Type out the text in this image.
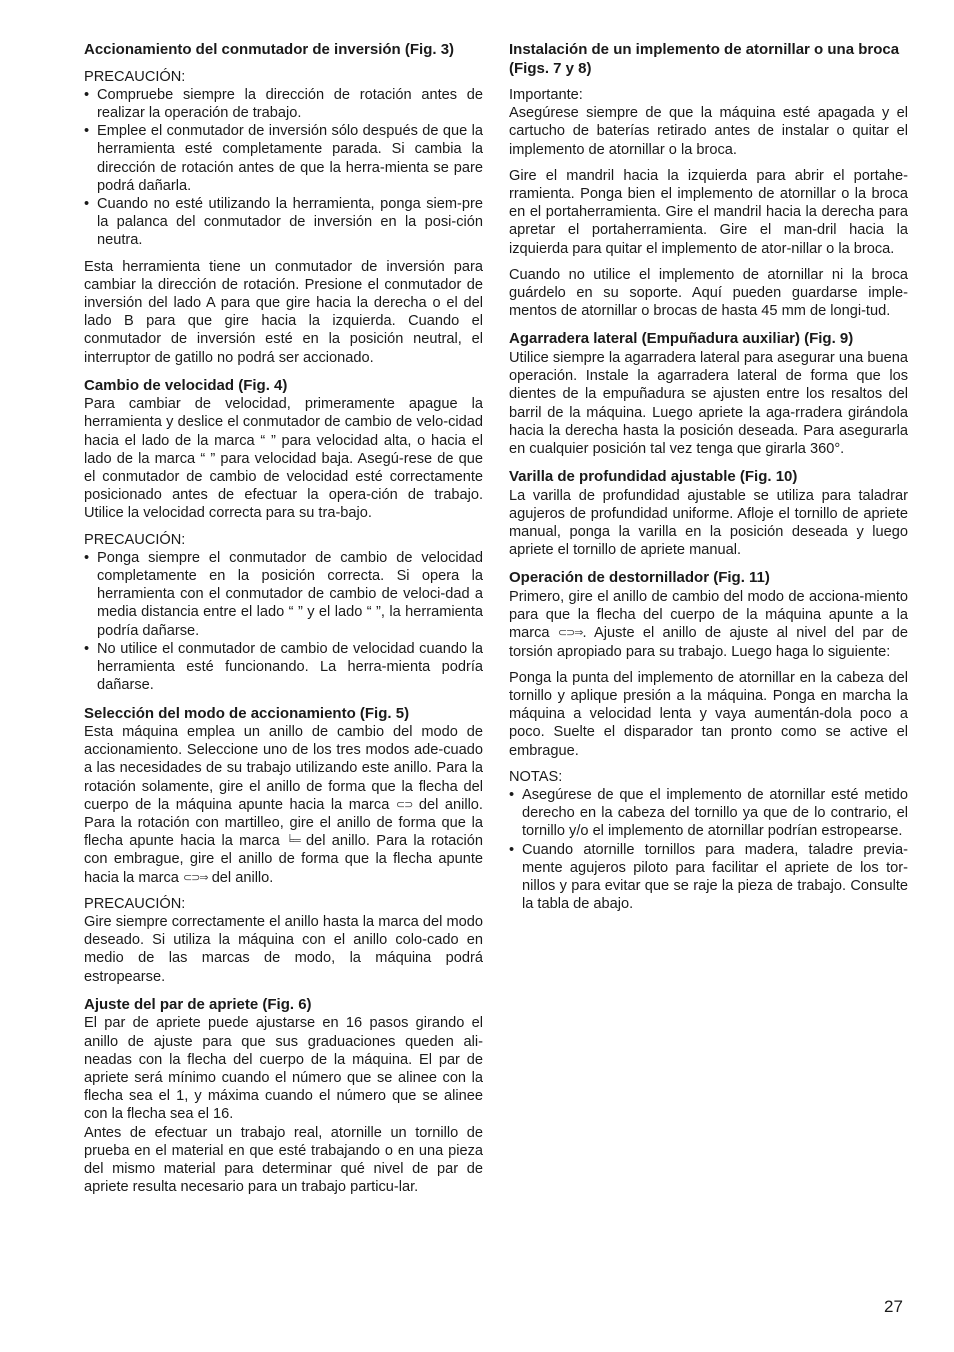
Accionamiento del conmutador de inversión (Fig. 3)

PRECAUCIÓN:

• Compruebe siempre la dirección de rotación antes de realizar la operación de trabajo.
• Emplee el conmutador de inversión sólo después de que la herramienta esté completamente parada. Si cambia la dirección de rotación antes de que la herra-mienta se pare podrá dañarla.
• Cuando no esté utilizando la herramienta, ponga siem-pre la palanca del conmutador de inversión en la posi-ción neutra.

Esta herramienta tiene un conmutador de inversión para cambiar la dirección de rotación. Presione el conmutador de inversión del lado A para que gire hacia la derecha o el del lado B para que gire hacia la izquierda. Cuando el conmutador de inversión esté en la posición neutral, el interruptor de gatillo no podrá ser accionado.

Cambio de velocidad (Fig. 4)

Para cambiar de velocidad, primeramente apague la herramienta y deslice el conmutador de cambio de velo-cidad hacia el lado de la marca “ ” para velocidad alta, o hacia el lado de la marca “ ” para velocidad baja. Asegú-rese de que el conmutador de cambio de velocidad esté correctamente posicionado antes de efectuar la opera-ción de trabajo. Utilice la velocidad correcta para su tra-bajo.

PRECAUCIÓN:

• Ponga siempre el conmutador de cambio de velocidad completamente en la posición correcta. Si opera la herramienta con el conmutador de cambio de veloci-dad a media distancia entre el lado “ ” y el lado “ ”, la herramienta podría dañarse.
• No utilice el conmutador de cambio de velocidad cuando la herramienta esté funcionando. La herra-mienta podría dañarse.

Selección del modo de accionamiento (Fig. 5)

Esta máquina emplea un anillo de cambio del modo de accionamiento. Seleccione uno de los tres modos ade-cuado a las necesidades de su trabajo utilizando este anillo. Para la rotación solamente, gire el anillo de forma que la flecha del cuerpo de la máquina apunte hacia la marca ⊂⊃ del anillo. Para la rotación con martilleo, gire el anillo de forma que la flecha apunte hacia la marca ╘═ del anillo. Para la rotación con embrague, gire el anillo de forma que la flecha apunte hacia la marca ⊂⊃⇒ del anillo.

PRECAUCIÓN:

Gire siempre correctamente el anillo hasta la marca del modo deseado. Si utiliza la máquina con el anillo colo-cado en medio de las marcas de modo, la máquina podrá estropearse.

Ajuste del par de apriete (Fig. 6)

El par de apriete puede ajustarse en 16 pasos girando el anillo de ajuste para que sus graduaciones queden ali-neadas con la flecha del cuerpo de la máquina. El par de apriete será mínimo cuando el número que se alinee con la flecha sea el 1, y máxima cuando el número que se alinee con la flecha sea el 16.

Antes de efectuar un trabajo real, atornille un tornillo de prueba en el material en que esté trabajando o en una pieza del mismo material para determinar qué nivel de par de apriete resulta necesario para un trabajo particu-lar.

Instalación de un implemento de atornillar o una broca (Figs. 7 y 8)

Importante:

Asegúrese siempre de que la máquina esté apagada y el cartucho de baterías retirado antes de instalar o quitar el implemento de atornillar o la broca.

Gire el mandril hacia la izquierda para abrir el portahe-rramienta. Ponga bien el implemento de atornillar o la broca en el portaherramienta. Gire el mandril hacia la derecha para apretar el portaherramienta. Gire el man-dril hacia la izquierda para quitar el implemento de ator-nillar o la broca.

Cuando no utilice el implemento de atornillar ni la broca guárdelo en su soporte. Aquí pueden guardarse imple-mentos de atornillar o brocas de hasta 45 mm de longi-tud.

Agarradera lateral (Empuñadura auxiliar) (Fig. 9)

Utilice siempre la agarradera lateral para asegurar una buena operación. Instale la agarradera lateral de forma que los dientes de la empuñadura se ajusten entre los resaltos del barril de la máquina. Luego apriete la aga-rradera girándola hacia la derecha hasta la posición deseada. Para asegurarla en cualquier posición tal vez tenga que girarla 360°.

Varilla de profundidad ajustable (Fig. 10)

La varilla de profundidad ajustable se utiliza para taladrar agujeros de profundidad uniforme. Afloje el tornillo de apriete manual, ponga la varilla en la posición deseada y luego apriete el tornillo de apriete manual.

Operación de destornillador (Fig. 11)

Primero, gire el anillo de cambio del modo de acciona-miento para que la flecha del cuerpo de la máquina apunte a la marca ⊂⊃⇒. Ajuste el anillo de ajuste al nivel del par de torsión apropiado para su trabajo. Luego haga lo siguiente:

Ponga la punta del implemento de atornillar en la cabeza del tornillo y aplique presión a la máquina. Ponga en marcha la máquina a velocidad lenta y vaya aumentán-dola poco a poco. Suelte el disparador tan pronto como se active el embrague.

NOTAS:

• Asegúrese de que el implemento de atornillar esté metido derecho en la cabeza del tornillo ya que de lo contrario, el tornillo y/o el implemento de atornillar podrían estropearse.
• Cuando atornille tornillos para madera, taladre previa-mente agujeros piloto para facilitar el apriete de los tor-nillos y para evitar que se raje la pieza de trabajo. Consulte la tabla de abajo.
27
